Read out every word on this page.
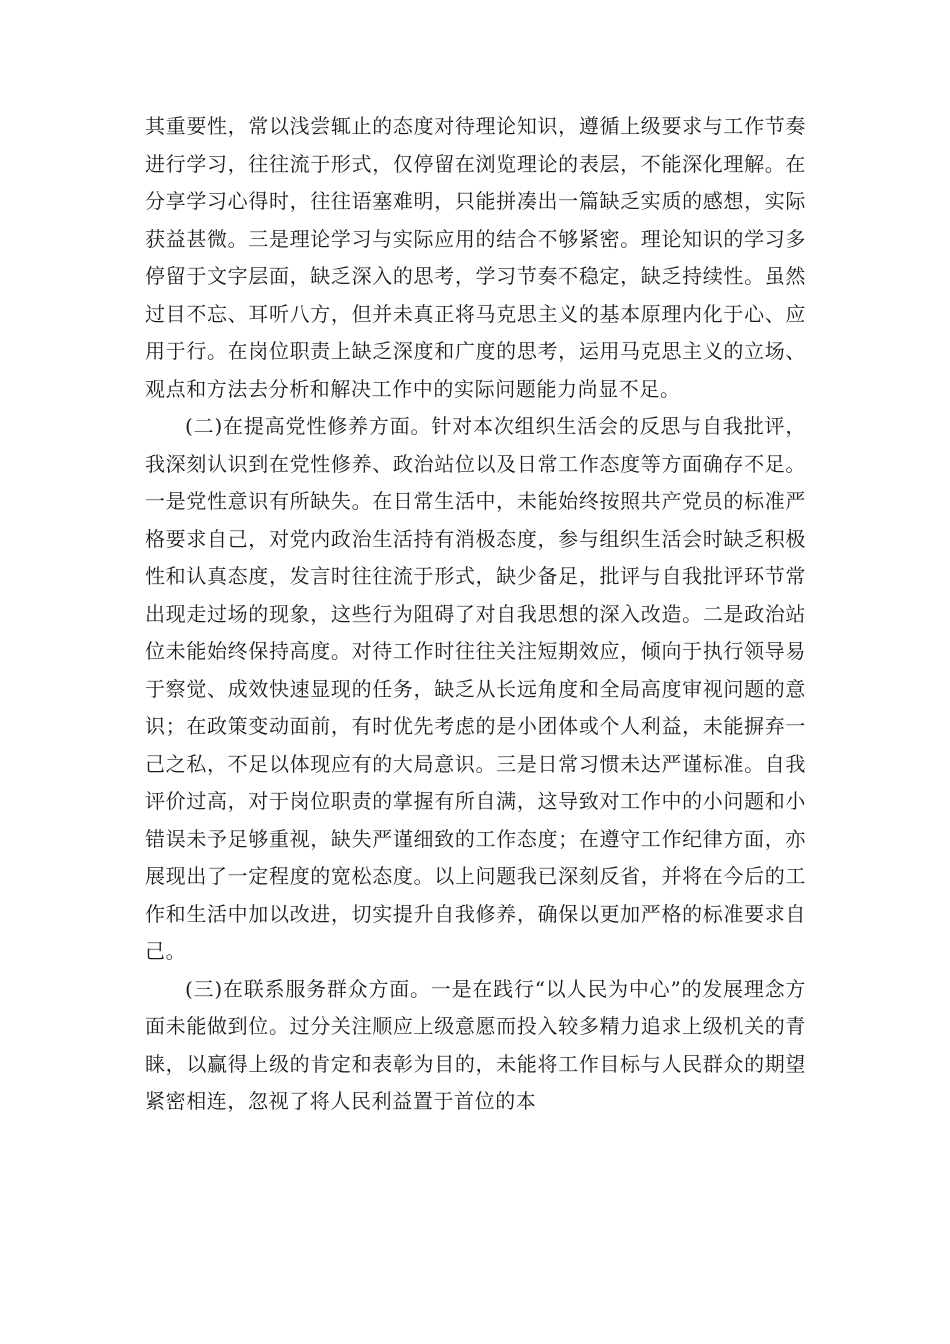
其重要性，常以浅尝辄止的态度对待理论知识，遵循上级要求与工作节奏进行学习，往往流于形式，仅停留在浏览理论的表层，不能深化理解。在分享学习心得时，往往语塞难明，只能拼凑出一篇缺乏实质的感想，实际获益甚微。三是理论学习与实际应用的结合不够紧密。理论知识的学习多停留于文字层面，缺乏深入的思考，学习节奏不稳定，缺乏持续性。虽然过目不忘、耳听八方，但并未真正将马克思主义的基本原理内化于心、应用于行。在岗位职责上缺乏深度和广度的思考，运用马克思主义的立场、观点和方法去分析和解决工作中的实际问题能力尚显不足。

(二)在提高党性修养方面。针对本次组织生活会的反思与自我批评，我深刻认识到在党性修养、政治站位以及日常工作态度等方面确存不足。一是党性意识有所缺失。在日常生活中，未能始终按照共产党员的标准严格要求自己，对党内政治生活持有消极态度，参与组织生活会时缺乏积极性和认真态度，发言时往往流于形式，缺少备足，批评与自我批评环节常出现走过场的现象，这些行为阻碍了对自我思想的深入改造。二是政治站位未能始终保持高度。对待工作时往往关注短期效应，倾向于执行领导易于察觉、成效快速显现的任务，缺乏从长远角度和全局高度审视问题的意识；在政策变动面前，有时优先考虑的是小团体或个人利益，未能摒弃一己之私，不足以体现应有的大局意识。三是日常习惯未达严谨标准。自我评价过高，对于岗位职责的掌握有所自满，这导致对工作中的小问题和小错误未予足够重视，缺失严谨细致的工作态度；在遵守工作纪律方面，亦展现出了一定程度的宽松态度。以上问题我已深刻反省，并将在今后的工作和生活中加以改进，切实提升自我修养，确保以更加严格的标准要求自己。

(三)在联系服务群众方面。一是在践行“以人民为中心”的发展理念方面未能做到位。过分关注顺应上级意愿而投入较多精力追求上级机关的青睐，以赢得上级的肯定和表彰为目的，未能将工作目标与人民群众的期望紧密相连，忽视了将人民利益置于首位的本
